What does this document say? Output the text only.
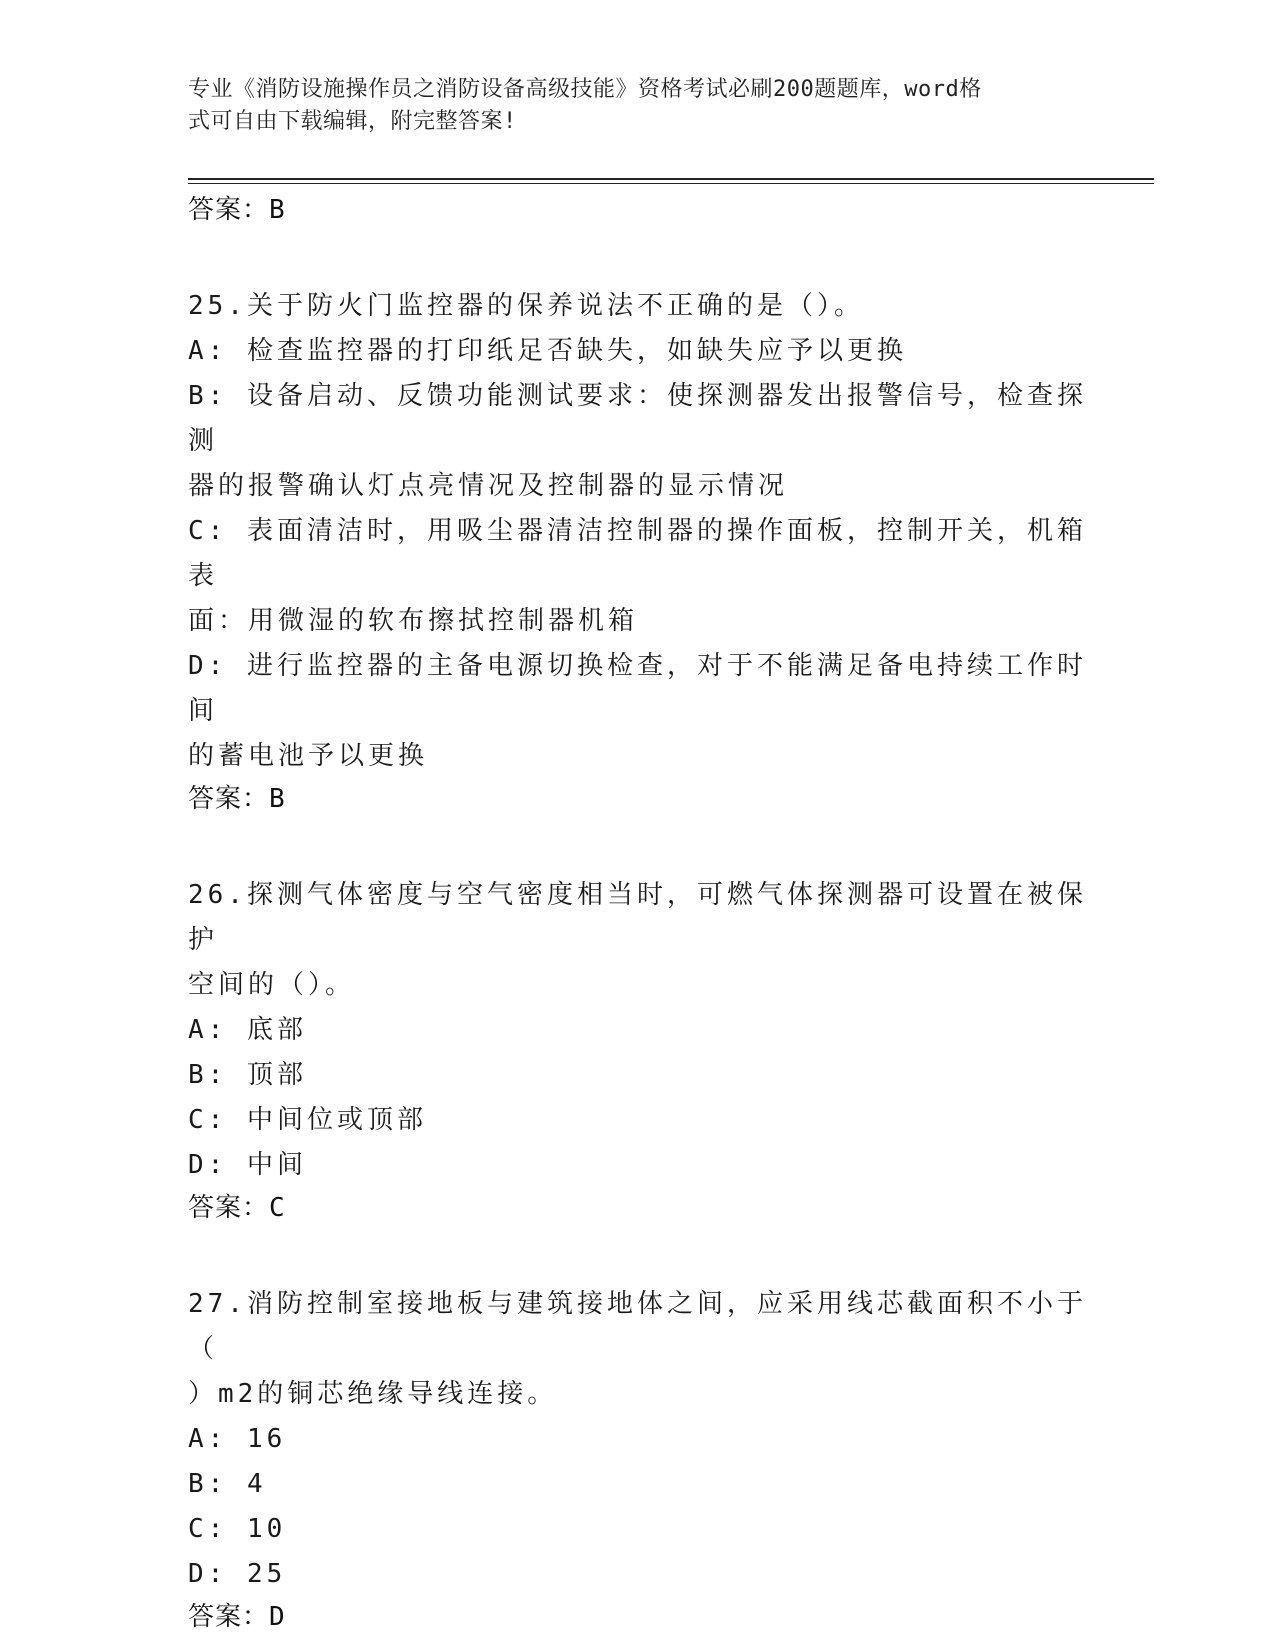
专业《消防设施操作员之消防设备高级技能》资格考试必刷200题题库，word格
式可自由下载编辑，附完整答案!
答案：B
25.关于防火门监控器的保养说法不正确的是（）。
A: 检查监控器的打印纸足否缺失，如缺失应予以更换
B: 设备启动、反馈功能测试要求：使探测器发出报警信号，检查探测
器的报警确认灯点亮情况及控制器的显示情况
C: 表面清洁时，用吸尘器清洁控制器的操作面板，控制开关，机箱表
面：用微湿的软布擦拭控制器机箱
D: 进行监控器的主备电源切换检查，对于不能满足备电持续工作时间
的蓄电池予以更换
答案：B
26.探测气体密度与空气密度相当时，可燃气体探测器可设置在被保护
空间的（）。
A: 底部
B: 顶部
C: 中间位或顶部
D: 中间
答案：C
27.消防控制室接地板与建筑接地体之间，应采用线芯截面积不小于（
）m2的铜芯绝缘导线连接。
A: 16
B: 4
C: 10
D: 25
答案：D
